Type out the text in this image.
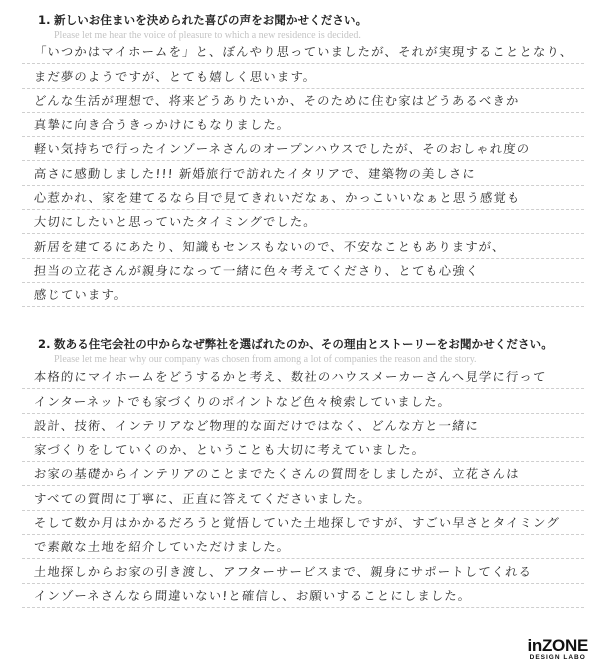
1. 新しいお住まいを決められた喜びの声をお聞かせください。
Please let me hear the voice of pleasure to which a new residence is decided.
「いつかはマイホームを」と、ぼんやり思っていましたが、それが実現することとなり、
まだ夢のようですが、とても嬉しく思います。
どんな生活が理想で、将来どうありたいか、そのために住む家はどうあるべきか
真摯に向き合うきっかけにもなりました。
軽い気持ちで行ったインゾーネさんのオープンハウスでしたが、そのおしゃれ度の
高さに感動しました!!! 新婚旅行で訪れたイタリアで、建築物の美しさに
心惹かれ、家を建てるなら目で見てきれいだなぁ、かっこいいなぁと思う感覚も
大切にしたいと思っていたタイミングでした。
新居を建てるにあたり、知識もセンスもないので、不安なこともありますが、
担当の立花さんが親身になって一緒に色々考えてくださり、とても心強く
感じています。
2. 数ある住宅会社の中からなぜ弊社を選ばれたのか、その理由とストーリーをお聞かせください。
Please let me hear why our company was chosen from among a lot of companies the reason and the story.
本格的にマイホームをどうするかと考え、数社のハウスメーカーさんへ見学に行って
インターネットでも家づくりのポイントなど色々検索していました。
設計、技術、インテリアなど物理的な面だけではなく、どんな方と一緒に
家づくりをしていくのか、ということも大切に考えていました。
お家の基礎からインテリアのことまでたくさんの質問をしましたが、立花さんは
すべての質問に丁寧に、正直に答えてくださいました。
そして数か月はかかるだろうと覚悟していた土地探しですが、すごい早さとタイミング
で素敵な土地を紹介していただけました。
土地探しからお家の引き渡し、アフターサービスまで、親身にサポートしてくれる
インゾーネさんなら間違いない!と確信し、お願いすることにしました。
inZONE
DESIGN LABO
